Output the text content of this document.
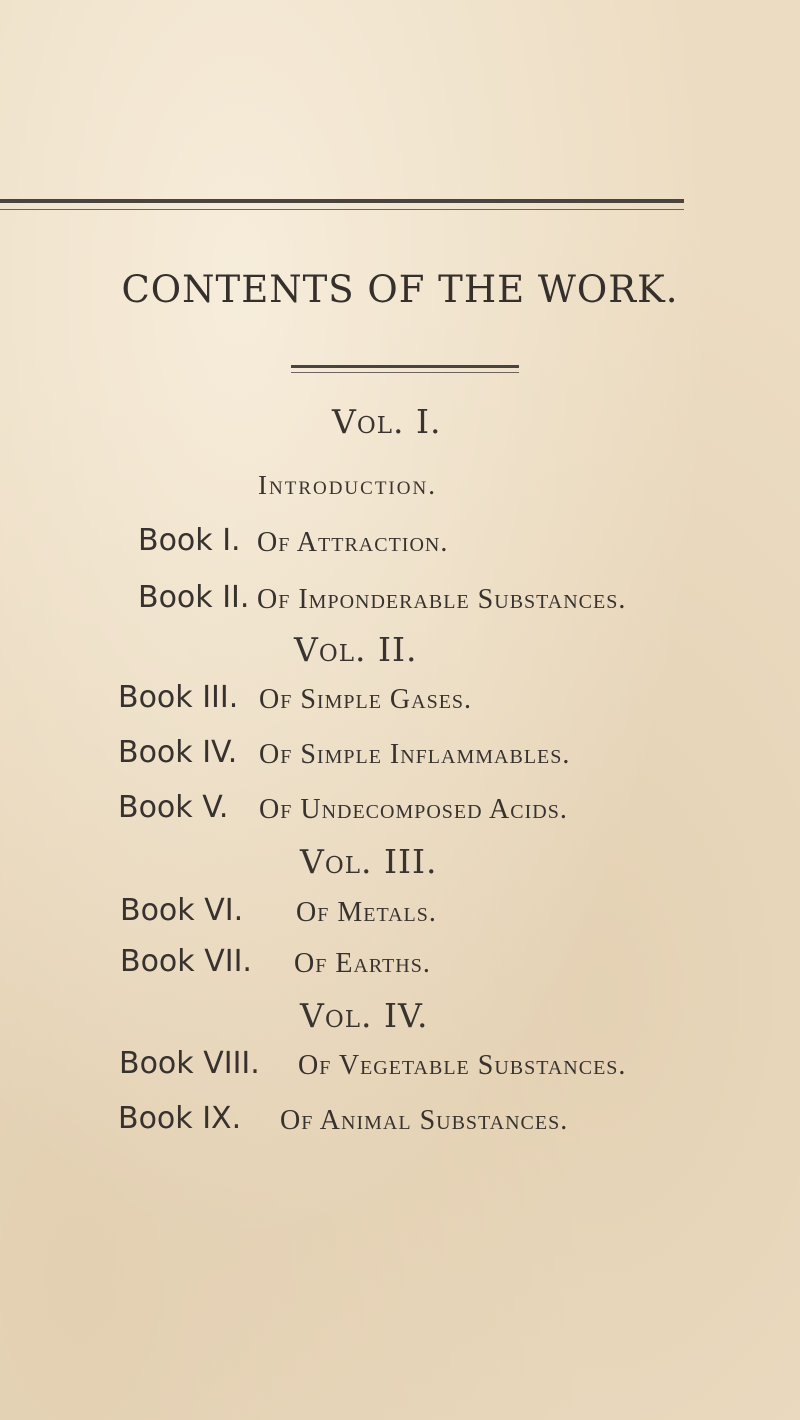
CONTENTS OF THE WORK.
Vol. I.
Introduction.
Book I. Of Attraction.
Book II. Of Imponderable Substances.
Vol. II.
Book III. Of Simple Gases.
Book IV. Of Simple Inflammables.
Book V. Of Undecomposed Acids.
Vol. III.
Book VI. Of Metals.
Book VII. Of Earths.
Vol. IV.
Book VIII. Of Vegetable Substances.
Book IX. Of Animal Substances.
